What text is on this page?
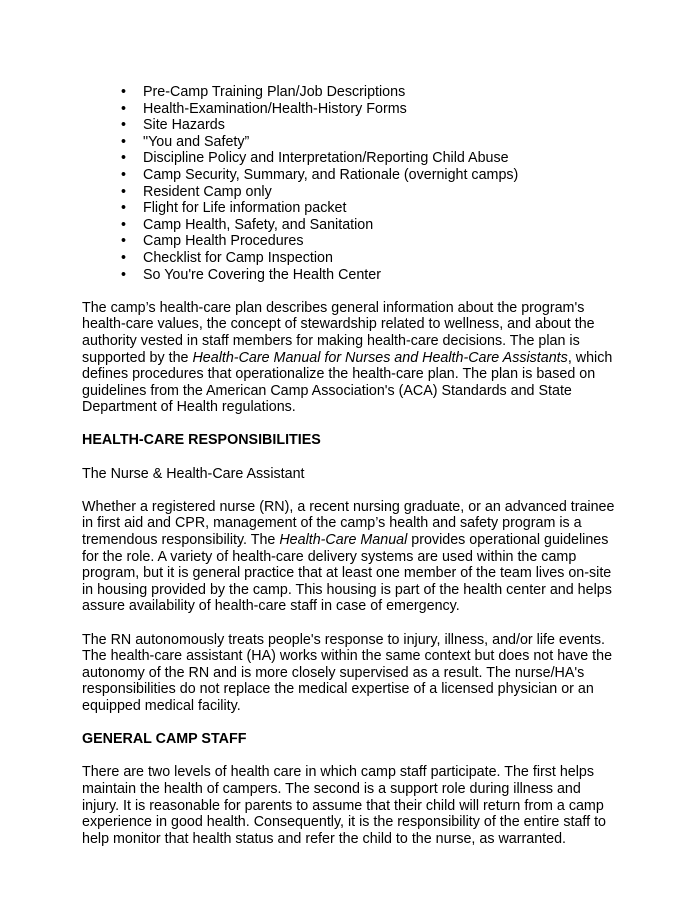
• Pre-Camp Training Plan/Job Descriptions
• Health-Examination/Health-History Forms
• Site Hazards
• "You and Safety”
• Discipline Policy and Interpretation/Reporting Child Abuse
• Camp Security, Summary, and Rationale (overnight camps)
• Resident Camp only
• Flight for Life information packet
• Camp Health, Safety, and Sanitation
• Camp Health Procedures
• Checklist for Camp Inspection
• So You're Covering the Health Center

The camp’s health-care plan describes general information about the program's health-care values, the concept of stewardship related to wellness, and about the authority vested in staff members for making health-care decisions. The plan is supported by the Health-Care Manual for Nurses and Health-Care Assistants, which defines procedures that operationalize the health-care plan. The plan is based on guidelines from the American Camp Association's (ACA) Standards and State Department of Health regulations.

HEALTH-CARE RESPONSIBILITIES

The Nurse & Health-Care Assistant

Whether a registered nurse (RN), a recent nursing graduate, or an advanced trainee in first aid and CPR, management of the camp’s health and safety program is a tremendous responsibility. The Health-Care Manual provides operational guidelines for the role. A variety of health-care delivery systems are used within the camp program, but it is general practice that at least one member of the team lives on-site in housing provided by the camp. This housing is part of the health center and helps assure availability of health-care staff in case of emergency.

The RN autonomously treats people's response to injury, illness, and/or life events. The health-care assistant (HA) works within the same context but does not have the autonomy of the RN and is more closely supervised as a result. The nurse/HA's responsibilities do not replace the medical expertise of a licensed physician or an equipped medical facility.

GENERAL CAMP STAFF

There are two levels of health care in which camp staff participate. The first helps maintain the health of campers. The second is a support role during illness and injury. It is reasonable for parents to assume that their child will return from a camp experience in good health. Consequently, it is the responsibility of the entire staff to help monitor that health status and refer the child to the nurse, as warranted.
